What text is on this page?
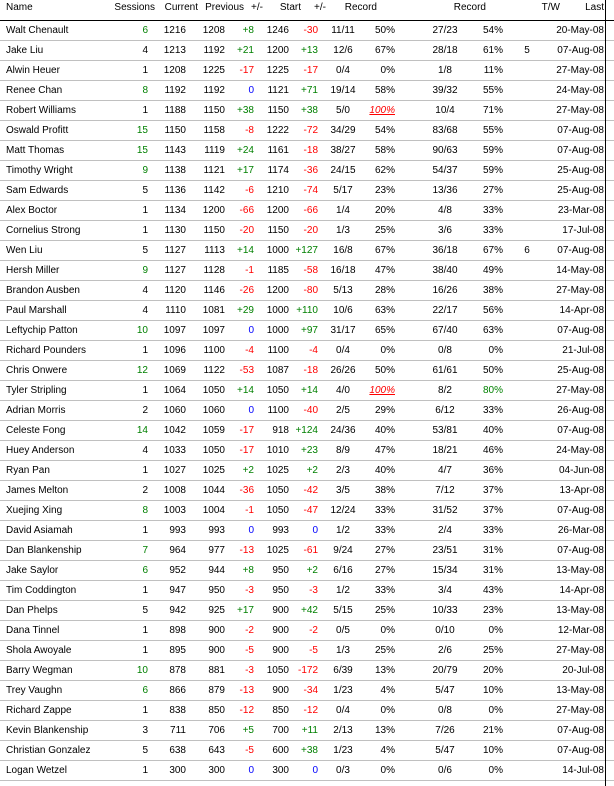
Name	Sessions Current Previous +/-	Start	+/-	Record	Record	T/W	Last
Walt Chenault	6	1216	1208	+8	1246	-30	11/11	50%	27/23	54%	20-May-08
Jake Liu	4	1213	1192	+21	1200	+13	12/6	67%	28/18	61%	5	07-Aug-08
Alwin Heuer	1	1208	1225	-17	1225	-17	0/4	0%	1/8	11%	27-May-08
Renee Chan	8	1192	1192	0	1121	+71	19/14	58%	39/32	55%	24-May-08
Robert Williams	1	1188	1150	+38	1150	+38	5/0	100%	10/4	71%	27-May-08
Oswald Profitt	15	1150	1158	-8	1222	-72	34/29	54%	83/68	55%	07-Aug-08
Matt Thomas	15	1143	1119	+24	1161	-18	38/27	58%	90/63	59%	07-Aug-08
Timothy Wright	9	1138	1121	+17	1174	-36	24/15	62%	54/37	59%	25-Aug-08
Sam Edwards	5	1136	1142	-6	1210	-74	5/17	23%	13/36	27%	25-Aug-08
Alex Boctor	1	1134	1200	-66	1200	-66	1/4	20%	4/8	33%	23-Mar-08
Cornelius Strong	1	1130	1150	-20	1150	-20	1/3	25%	3/6	33%	17-Jul-08
Wen Liu	5	1127	1113	+14	1000 +127	16/8	67%	36/18	67%	6	07-Aug-08
Hersh Miller	9	1127	1128	-1	1185	-58	16/18	47%	38/40	49%	14-May-08
Brandon Ausben	4	1120	1146	-26	1200	-80	5/13	28%	16/26	38%	27-May-08
Paul Marshall	4	1110	1081	+29	1000 +110	10/6	63%	22/17	56%	14-Apr-08
Leftychip Patton	10	1097	1097	0	1000	+97	31/17	65%	67/40	63%	07-Aug-08
Richard Pounders	1	1096	1100	-4	1100	-4	0/4	0%	0/8	0%	21-Jul-08
Chris Onwere	12	1069	1122	-53	1087	-18	26/26	50%	61/61	50%	25-Aug-08
Tyler Stripling	1	1064	1050	+14	1050	+14	4/0	100%	8/2	80%	27-May-08
Adrian Morris	2	1060	1060	0	1100	-40	2/5	29%	6/12	33%	26-Aug-08
Celeste Fong	14	1042	1059	-17	918 +124	24/36	40%	53/81	40%	07-Aug-08
Huey Anderson	4	1033	1050	-17	1010	+23	8/9	47%	18/21	46%	24-May-08
Ryan Pan	1	1027	1025	+2	1025	+2	2/3	40%	4/7	36%	04-Jun-08
James Melton	2	1008	1044	-36	1050	-42	3/5	38%	7/12	37%	13-Apr-08
Xuejing Xing	8	1003	1004	-1	1050	-47	12/24	33%	31/52	37%	07-Aug-08
David Asiamah	1	993	993	0	993	0	1/2	33%	2/4	33%	26-Mar-08
Dan Blankenship	7	964	977	-13	1025	-61	9/24	27%	23/51	31%	07-Aug-08
Jake Saylor	6	952	944	+8	950	+2	6/16	27%	15/34	31%	13-May-08
Tim Coddington	1	947	950	-3	950	-3	1/2	33%	3/4	43%	14-Apr-08
Dan Phelps	5	942	925	+17	900	+42	5/15	25%	10/33	23%	13-May-08
Dana Tinnel	1	898	900	-2	900	-2	0/5	0%	0/10	0%	12-Mar-08
Shola Awoyale	1	895	900	-5	900	-5	1/3	25%	2/6	25%	27-May-08
Barry Wegman	10	878	881	-3	1050 -172	6/39	13%	20/79	20%	20-Jul-08
Trey Vaughn	6	866	879	-13	900	-34	1/23	4%	5/47	10%	13-May-08
Richard Zappe	1	838	850	-12	850	-12	0/4	0%	0/8	0%	27-May-08
Kevin Blankenship	3	711	706	+5	700	+11	2/13	13%	7/26	21%	07-Aug-08
Christian Gonzalez	5	638	643	-5	600	+38	1/23	4%	5/47	10%	07-Aug-08
Logan Wetzel	1	300	300	0	300	0	0/3	0%	0/6	0%	14-Jul-08
